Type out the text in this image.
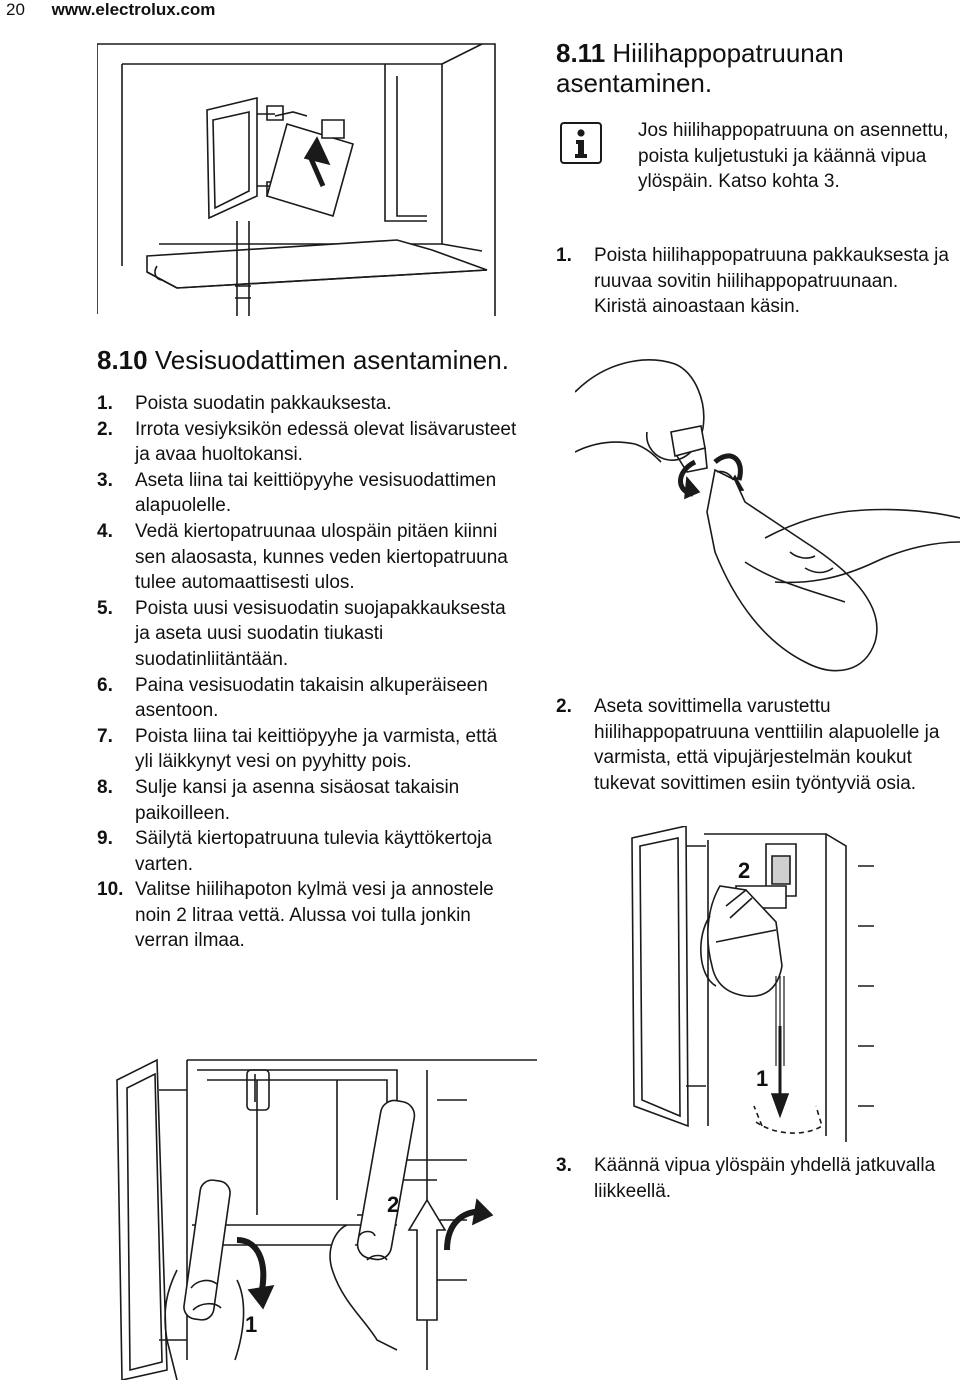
20 www.electrolux.com
8.10 Vesisuodattimen asentaminen.
1. Poista suodatin pakkauksesta.
2. Irrota vesiyksikön edessä olevat lisävarusteet ja avaa huoltokansi.
3. Aseta liina tai keittiöpyyhe vesisuodattimen alapuolelle.
4. Vedä kiertopatruunaa ulospäin pitäen kiinni sen alaosasta, kunnes veden kiertopatruuna tulee automaattisesti ulos.
5. Poista uusi vesisuodatin suojapakkauksesta ja aseta uusi suodatin tiukasti suodatinliitäntään.
6. Paina vesisuodatin takaisin alkuperäiseen asentoon.
7. Poista liina tai keittiöpyyhe ja varmista, että yli läikkynyt vesi on pyyhitty pois.
8. Sulje kansi ja asenna sisäosat takaisin paikoilleen.
9. Säilytä kiertopatruuna tulevia käyttökertoja varten.
10. Valitse hiilihapoton kylmä vesi ja annostele noin 2 litraa vettä. Alussa voi tulla jonkin verran ilmaa.
1
2
8.11 Hiilihappopatruunan asentaminen.
Jos hiilihappopatruuna on asennettu, poista kuljetustuki ja käännä vipua ylöspäin. Katso kohta 3.
1. Poista hiilihappopatruuna pakkauksesta ja ruuvaa sovitin hiilihappopatruunaan. Kiristä ainoastaan käsin.
2. Aseta sovittimella varustettu hiilihappopatruuna venttiilin alapuolelle ja varmista, että vipujärjestelmän koukut tukevat sovittimen esiin työntyviä osia.
2
1
3. Käännä vipua ylöspäin yhdellä jatkuvalla liikkeellä.
